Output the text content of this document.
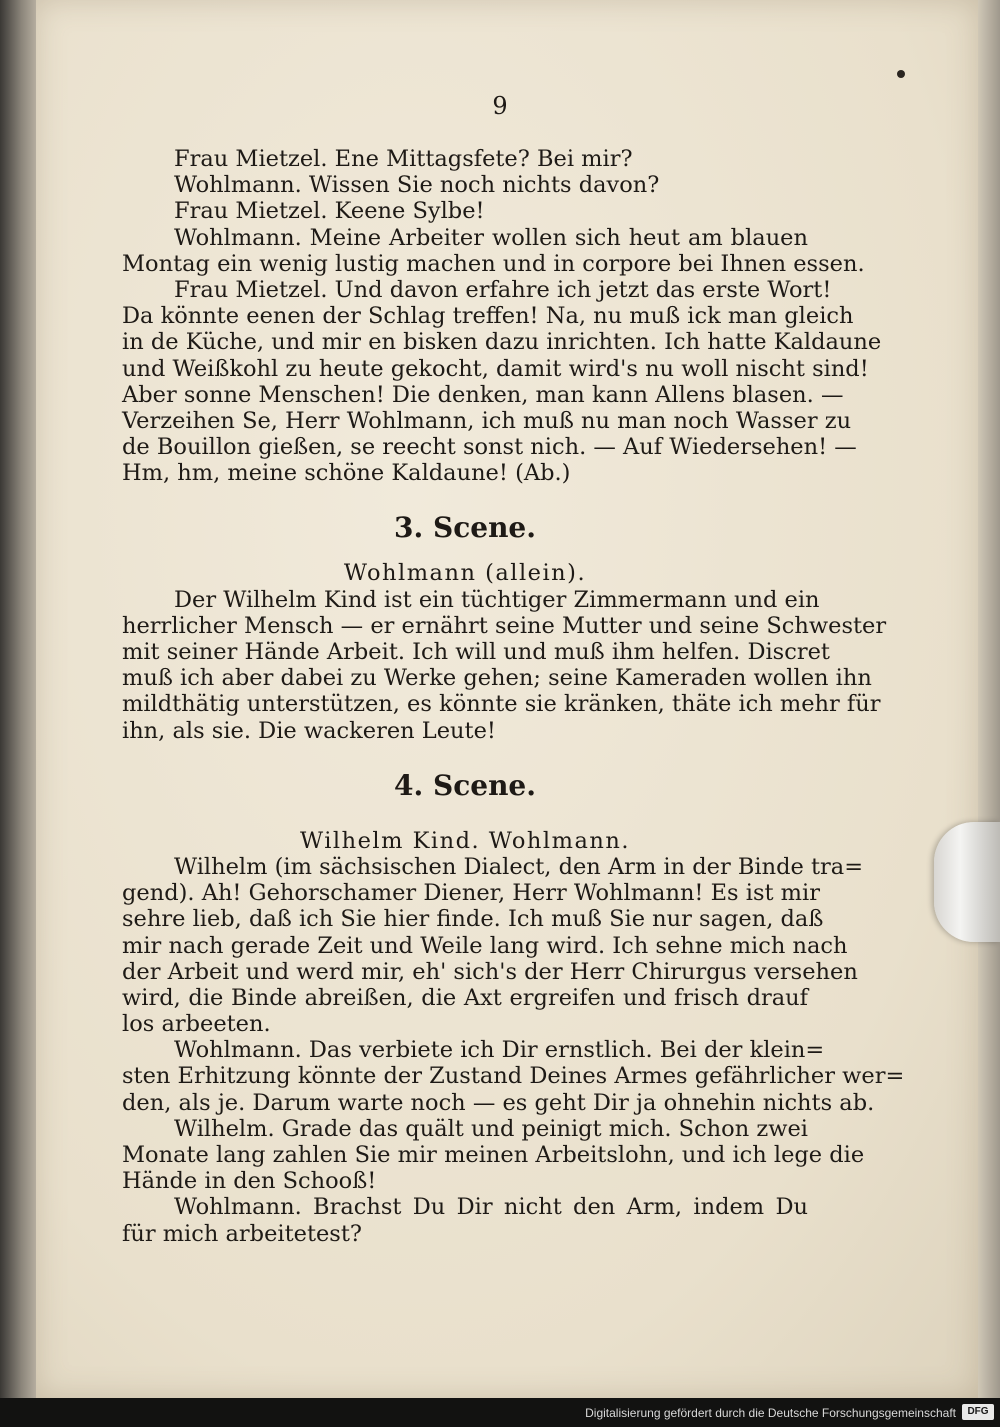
9

Frau Mietzel. Ene Mittagsfete? Bei mir?

Wohlmann. Wissen Sie noch nichts davon?

Frau Mietzel. Keene Sylbe!

Wohlmann. Meine Arbeiter wollen sich heut am blauen

Montag ein wenig lustig machen und in corpore bei Ihnen essen.

Frau Mietzel. Und davon erfahre ich jetzt das erste Wort!

Da könnte eenen der Schlag treffen! Na, nu muß ick man gleich

in de Küche, und mir en bisken dazu inrichten. Ich hatte Kaldaune

und Weißkohl zu heute gekocht, damit wird's nu woll nischt sind!

Aber sonne Menschen! Die denken, man kann Allens blasen. —

Verzeihen Se, Herr Wohlmann, ich muß nu man noch Wasser zu

de Bouillon gießen, se reecht sonst nich. — Auf Wiedersehen! —

Hm, hm, meine schöne Kaldaune! (Ab.)

3. Scene.

Wohlmann (allein).

Der Wilhelm Kind ist ein tüchtiger Zimmermann und ein

herrlicher Mensch — er ernährt seine Mutter und seine Schwester

mit seiner Hände Arbeit. Ich will und muß ihm helfen. Discret

muß ich aber dabei zu Werke gehen; seine Kameraden wollen ihn

mildthätig unterstützen, es könnte sie kränken, thäte ich mehr für

ihn, als sie. Die wackeren Leute!

4. Scene.

Wilhelm Kind. Wohlmann.

Wilhelm (im sächsischen Dialect, den Arm in der Binde tra=

gend). Ah! Gehorschamer Diener, Herr Wohlmann! Es ist mir

sehre lieb, daß ich Sie hier finde. Ich muß Sie nur sagen, daß

mir nach gerade Zeit und Weile lang wird. Ich sehne mich nach

der Arbeit und werd mir, eh' sich's der Herr Chirurgus versehen

wird, die Binde abreißen, die Axt ergreifen und frisch drauf

los arbeeten.

Wohlmann. Das verbiete ich Dir ernstlich. Bei der klein=

sten Erhitzung könnte der Zustand Deines Armes gefährlicher wer=

den, als je. Darum warte noch — es geht Dir ja ohnehin nichts ab.

Wilhelm. Grade das quält und peinigt mich. Schon zwei

Monate lang zahlen Sie mir meinen Arbeitslohn, und ich lege die

Hände in den Schooß!

Wohlmann. Brachst Du Dir nicht den Arm, indem Du

für mich arbeitetest?

Digitalisierung gefördert durch die Deutsche Forschungsgemeinschaft	DFG
